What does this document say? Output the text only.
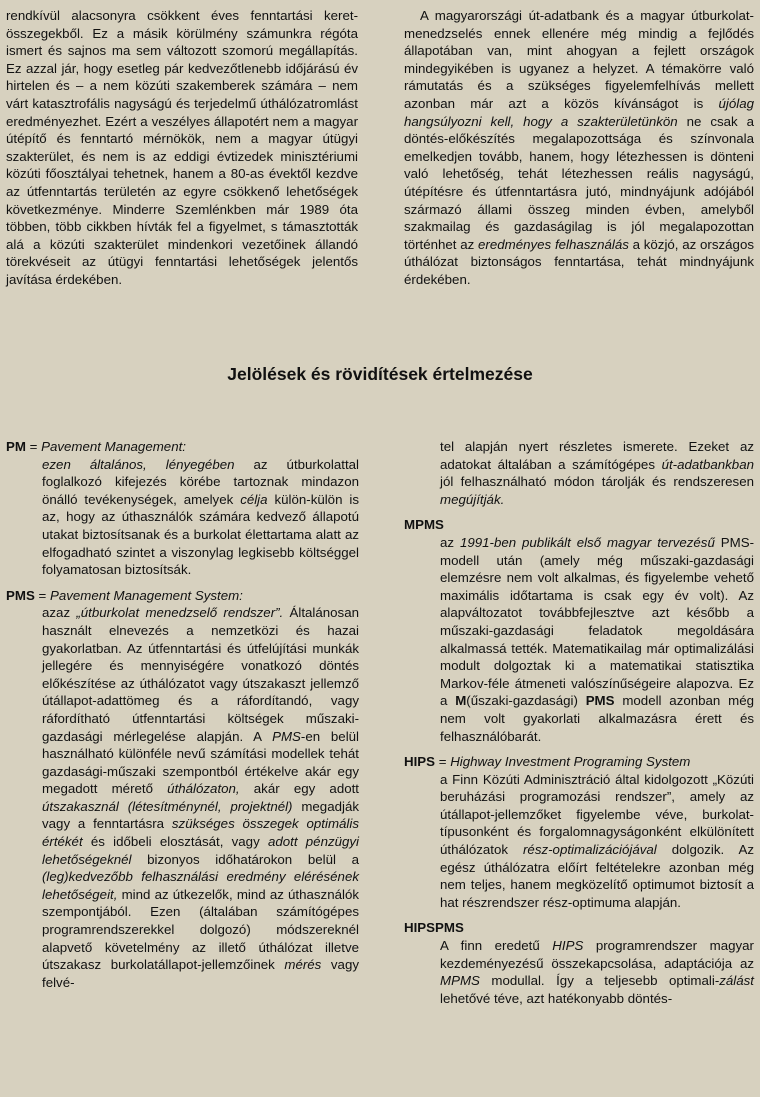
rendkívül alacsonyra csökkent éves fenntartási keret-összegekből. Ez a másik körülmény számunkra régóta ismert és sajnos ma sem változott szomorú megállapítás. Ez azzal jár, hogy esetleg pár kedvezőtlenebb időjárású év hirtelen és – a nem közúti szakemberek számára – nem várt katasztrofális nagyságú és terjedelmű úthálózatromlást eredményezhet. Ezért a veszélyes állapotért nem a magyar útépítő és fenntartó mérnökök, nem a magyar útügyi szakterület, és nem is az eddigi évtizedek minisztériumi közúti főosztályai tehetnek, hanem a 80-as évektől kezdve az útfenntartás területén az egyre csökkenő lehetőségek következménye. Minderre Szemlénkben már 1989 óta többen, több cikkben hívták fel a figyelmet, s támasztották alá a közúti szakterület mindenkori vezetőinek állandó törekvéseit az útügyi fenntartási lehetőségek jelentős javítása érdekében.

A magyarországi út-adatbank és a magyar útburkolat-menedzselés ennek ellenére még mindig a fejlődés állapotában van, mint ahogyan a fejlett országok mindegyikében is ugyanez a helyzet. A témakörre való rámutatás és a szükséges figyelemfelhívás mellett azonban már azt a közös kívánságot is újólag hangsúlyozni kell, hogy a szakterületünkön ne csak a döntés-előkészítés megalapozottsága és színvonala emelkedjen tovább, hanem, hogy létezhessen is dönteni való lehetőség, tehát létezhessen reális nagyságú, útépítésre és útfenntartásra jutó, mindnyájunk adójából származó állami összeg minden évben, amelyből szakmailag és gazdaságilag is jól megalapozottan történhet az eredményes felhasználás a közjó, az országos úthálózat biztonságos fenntartása, tehát mindnyájunk érdekében.

Jelölések és rövidítések értelmezése
PM = Pavement Management:

ezen általános, lényegében az útburkolattal foglalkozó kifejezés körébe tartoznak mindazon önálló tevékenységek, amelyek célja külön-külön is az, hogy az úthasználók számára kedvező állapotú utakat biztosítsanak és a burkolat élettartama alatt az elfogadható szintet a viszonylag legkisebb költséggel folyamatosan biztosítsák.

PMS = Pavement Management System:

azaz „útburkolat menedzselő rendszer”. Általánosan használt elnevezés a nemzetközi és hazai gyakorlatban. Az útfenntartási és útfelújítási munkák jellegére és mennyiségére vonatkozó döntés előkészítése az úthálózatot vagy útszakaszt jellemző útállapot-adattömeg és a ráfordítandó, vagy ráfordítható útfenntartási költségek műszaki-gazdasági mérlegelése alapján. A PMS-en belül használható különféle nevű számítási modellek tehát gazdasági-műszaki szempontból értékelve akár egy megadott mérető úthálózaton, akár egy adott útszakasznál (létesítménynél, projektnél) megadják vagy a fenntartásra szükséges összegek optimális értékét és időbeli elosztását, vagy adott pénzügyi lehetőségeknél bizonyos időhatárokon belül a (leg)kedvezőbb felhasználási eredmény elérésének lehetőségeit, mind az útkezelők, mind az úthasználók szempontjából. Ezen (általában számítógépes programrendszerekkel dolgozó) módszereknél alapvető követelmény az illető úthálózat illetve útszakasz burkolatállapot-jellemzőinek mérés vagy felvé-

tel alapján nyert részletes ismerete. Ezeket az adatokat általában a számítógépes út-adatbankban jól felhasználható módon tárolják és rendszeresen megújítják.

MPMS

az 1991-ben publikált első magyar tervezésű PMS-modell után (amely még műszaki-gazdasági elemzésre nem volt alkalmas, és figyelembe vehető maximális időtartama is csak egy év volt). Az alapváltozatot továbbfejlesztve azt később a műszaki-gazdasági feladatok megoldására alkalmassá tették. Matematikailag már optimalizálási modult dolgoztak ki a matematikai statisztika Markov-féle átmeneti valószínűségeire alapozva. Ez a M(űszaki-gazdasági) PMS modell azonban még nem volt gyakorlati alkalmazásra érett és felhasználóbarát.

HIPS = Highway Investment Programing System

a Finn Közúti Adminisztráció által kidolgozott „Közúti beruházási programozási rendszer”, amely az útállapot-jellemzőket figyelembe véve, burkolat-típusonként és forgalomnagyságonként elkülönített úthálózatok rész-optimalizációjával dolgozik. Az egész úthálózatra előírt feltételekre azonban még nem teljes, hanem megközelítő optimumot biztosít a hat részrendszer rész-optimuma alapján.

HIPSPMS

A finn eredetű HIPS programrendszer magyar kezdeményezésű összekapcsolása, adaptációja az MPMS modullal. Így a teljesebb optimali-zálást lehetővé téve, azt hatékonyabb döntés-
